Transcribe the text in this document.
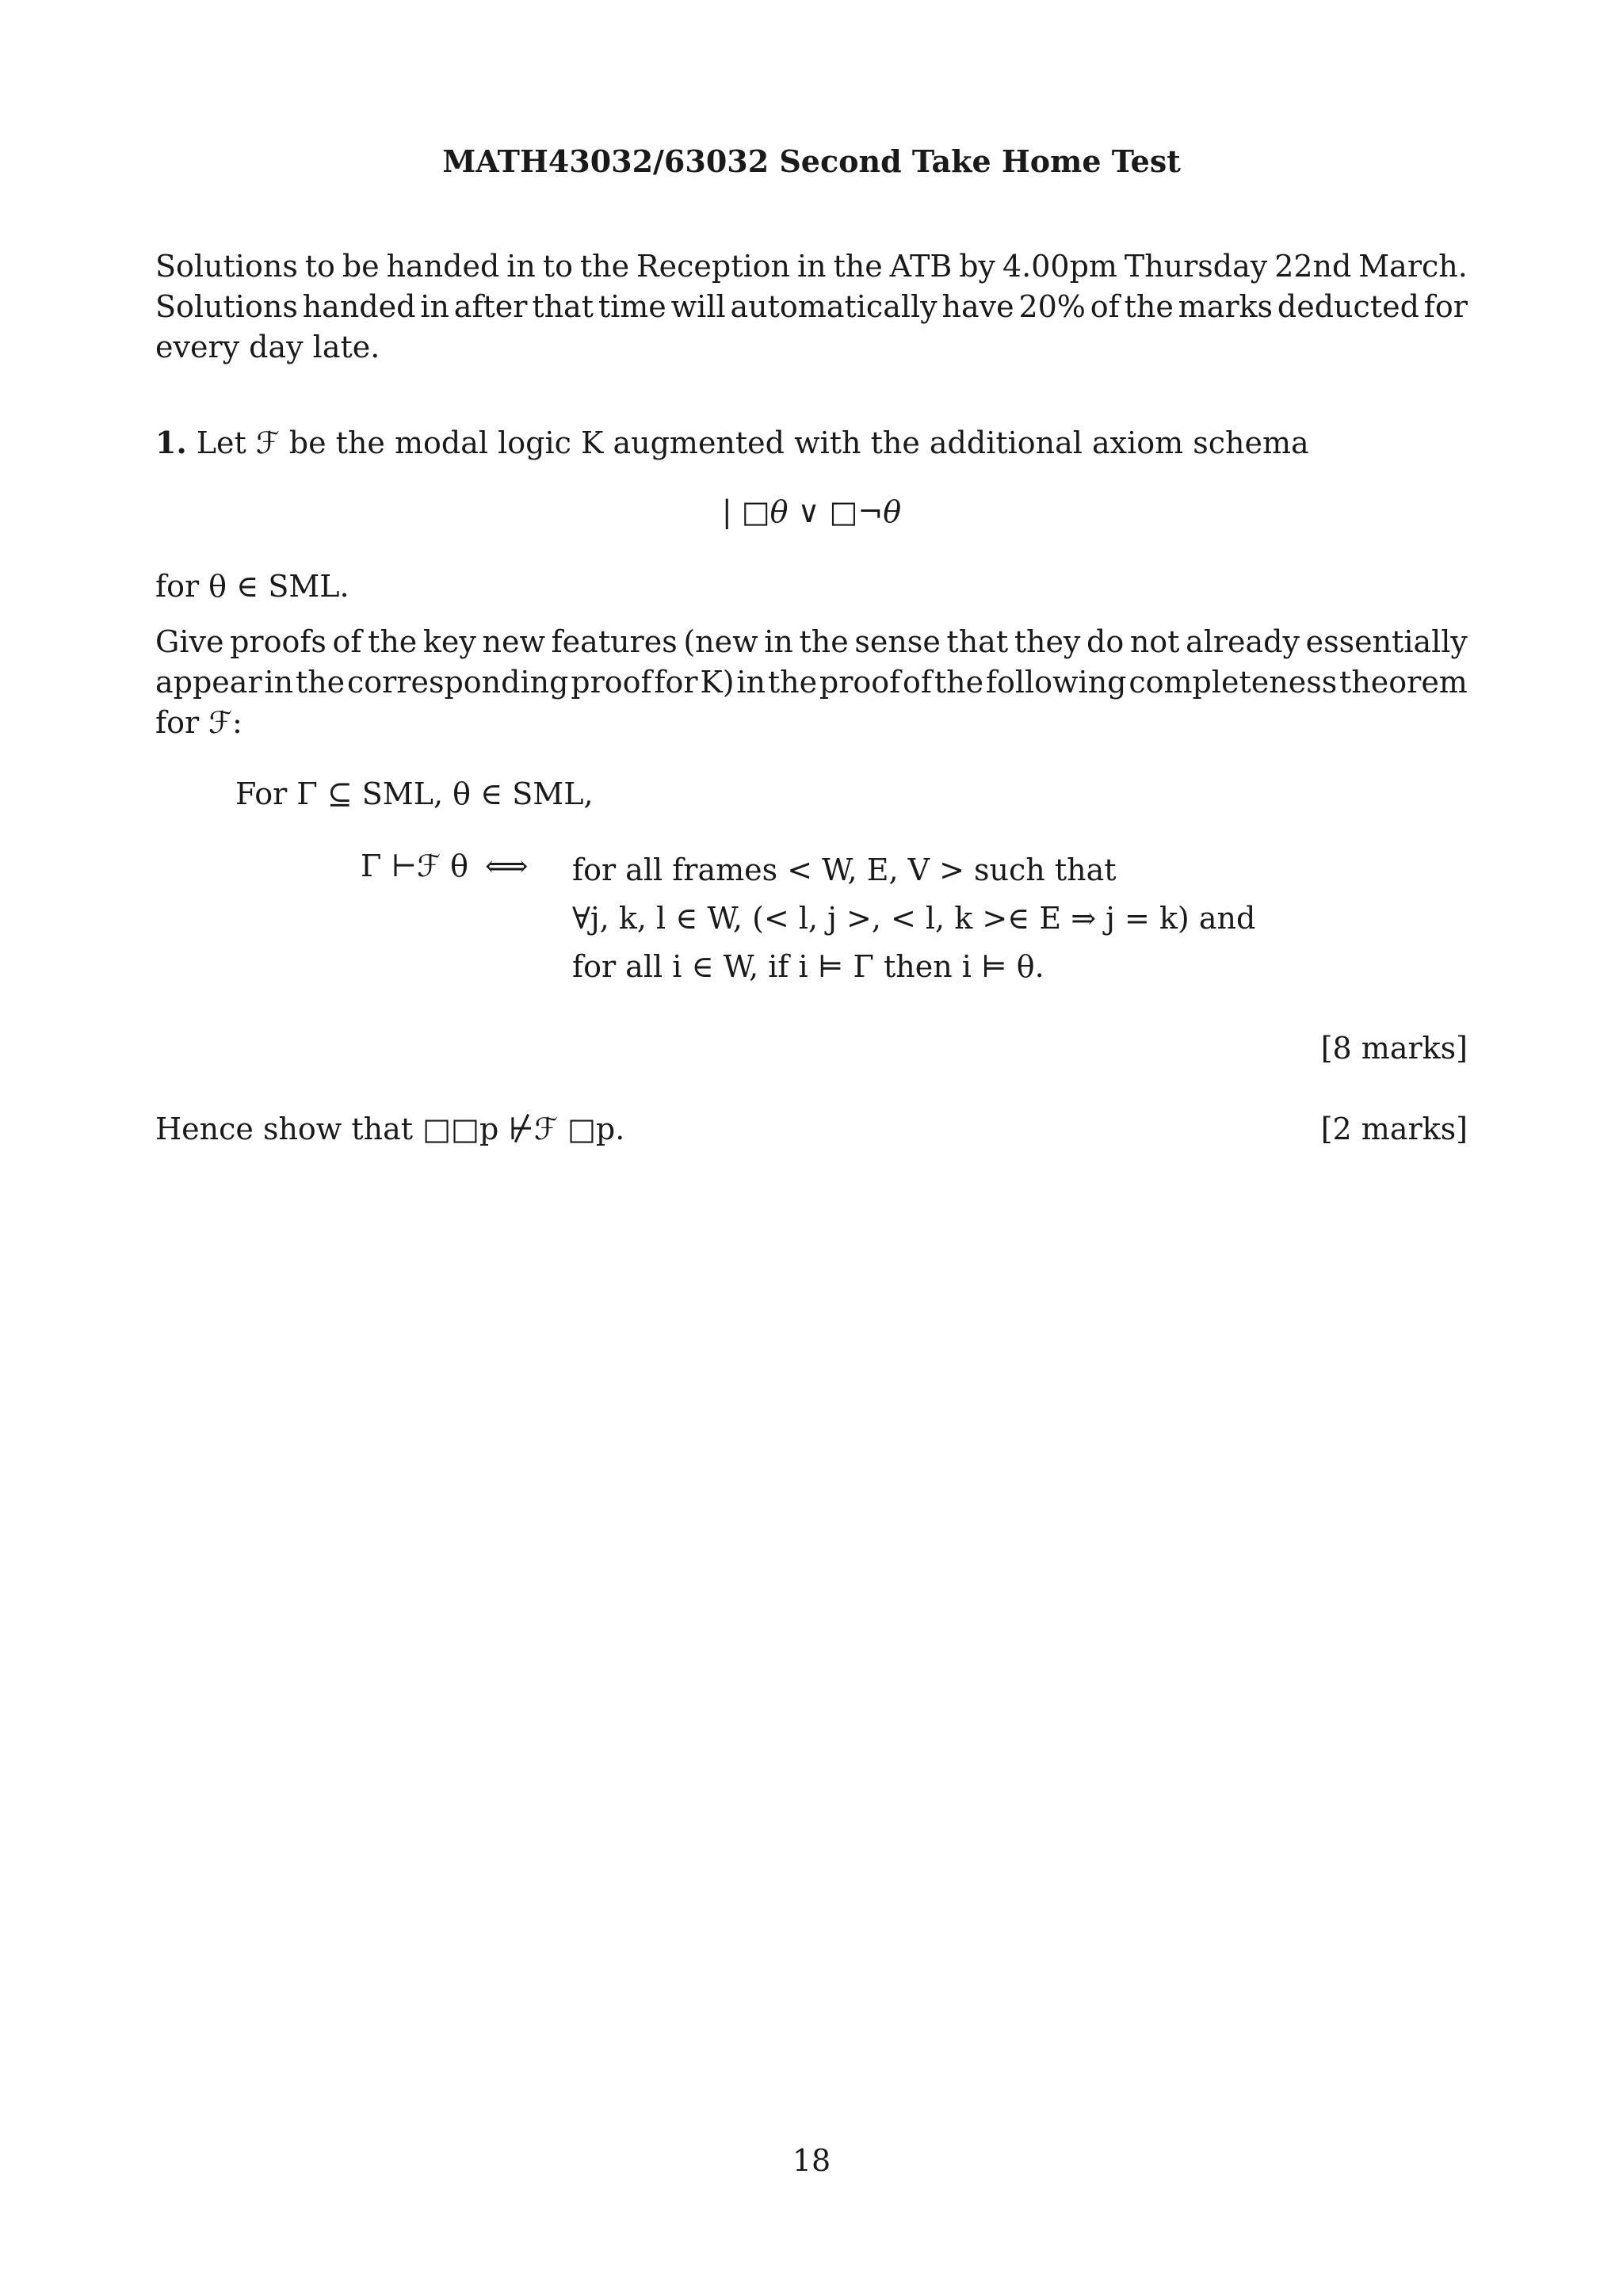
MATH43032/63032 Second Take Home Test
Solutions to be handed in to the Reception in the ATB by 4.00pm Thursday 22nd March.
Solutions handed in after that time will automatically have 20% of the marks deducted for
every day late.
1. Let ℱ be the modal logic K augmented with the additional axiom schema
| □θ ∨ □¬θ
for θ ∈ SML.
Give proofs of the key new features (new in the sense that they do not already essentially
appear in the corresponding proof for K) in the proof of the following completeness theorem
for ℱ:
For Γ ⊆ SML, θ ∈ SML,
Γ ⊢ℱ θ ⟺ for all frames < W, E, V > such that
∀j, k, l ∈ W, (< l, j >, < l, k >∈ E ⇒ j = k) and
for all i ∈ W, if i ⊨ Γ then i ⊨ θ.
[8 marks]
Hence show that □□p ⊬ℱ □p.	[2 marks]
18
